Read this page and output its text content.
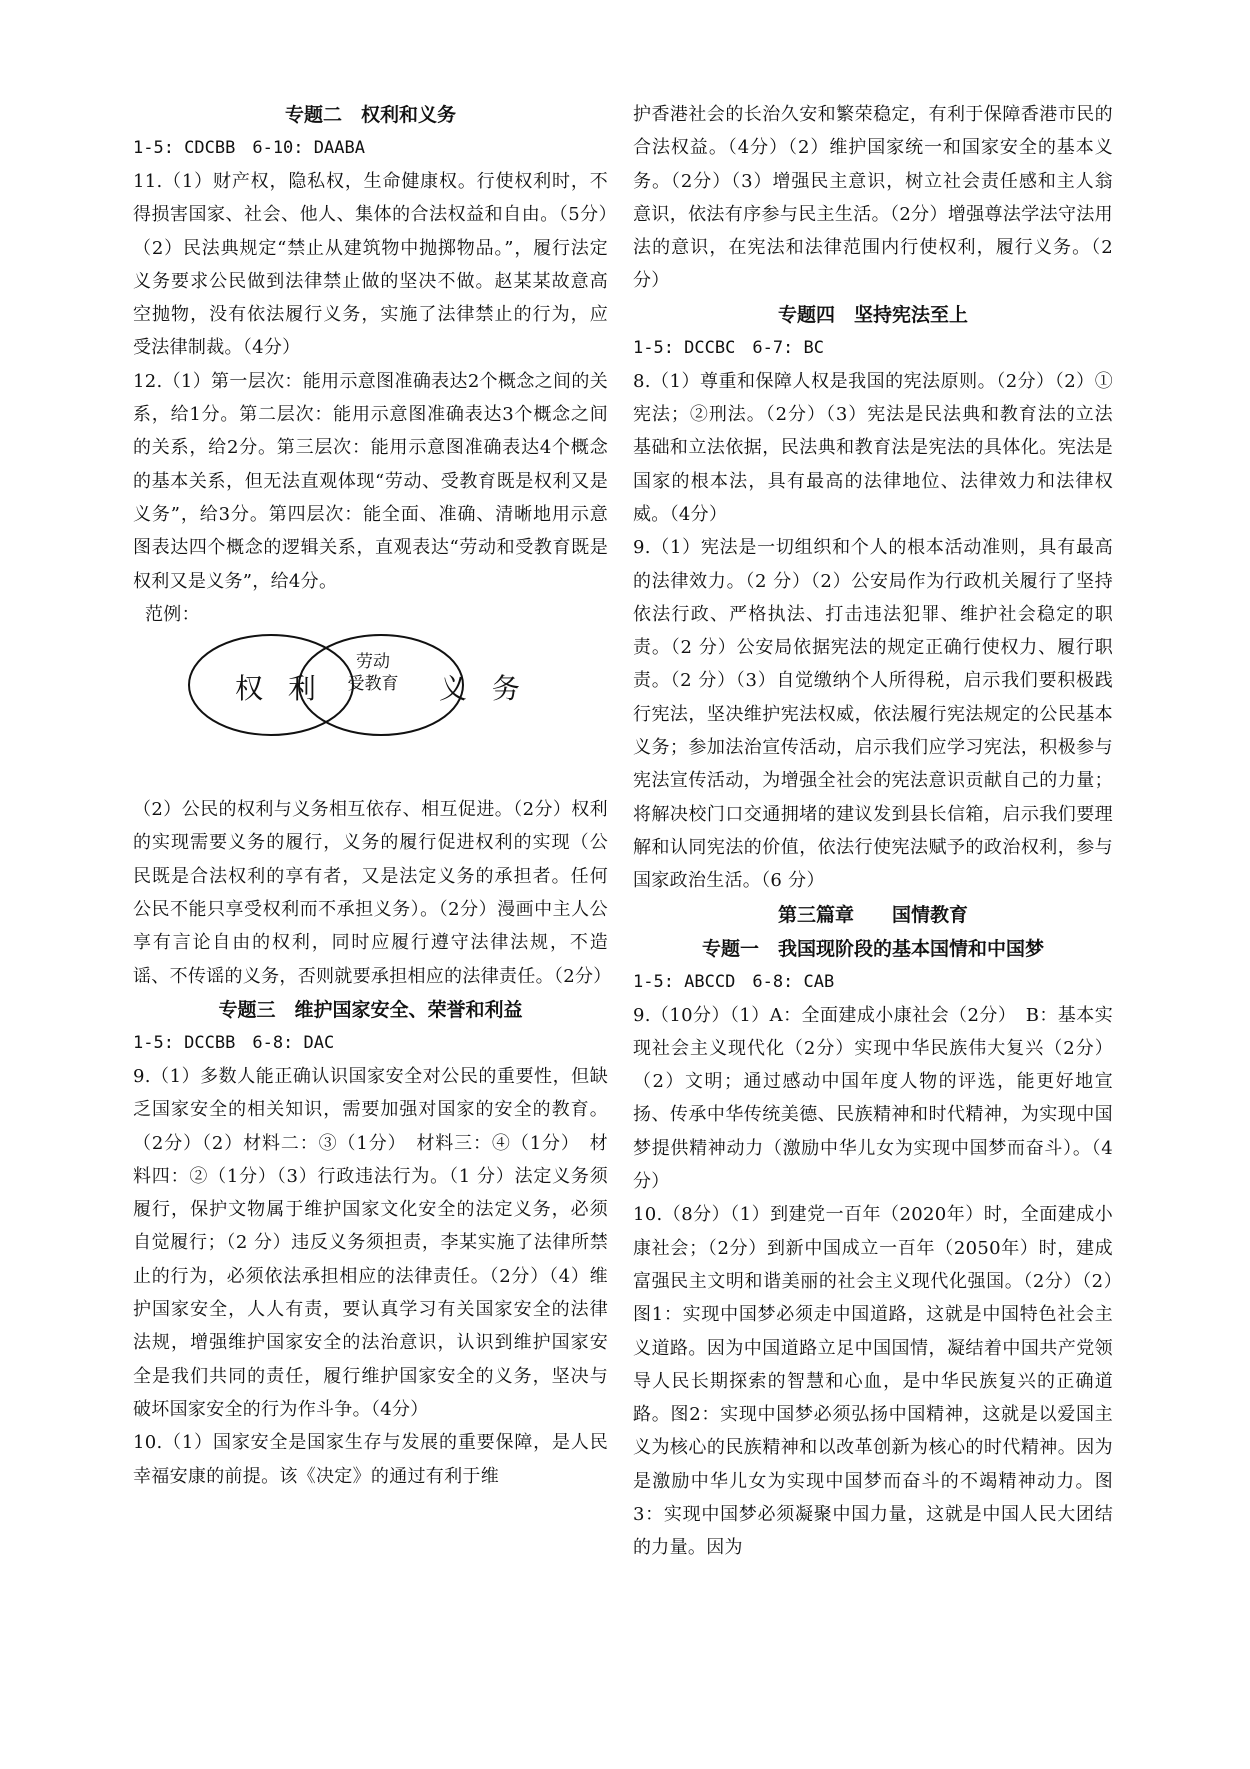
专题二　权利和义务

1-5: CDCBB　6-10: DAABA

11.（1）财产权，隐私权，生命健康权。行使权利时，不得损害国家、社会、他人、集体的合法权益和自由。（5分）（2）民法典规定“禁止从建筑物中抛掷物品。”，履行法定义务要求公民做到法律禁止做的坚决不做。赵某某故意高空抛物，没有依法履行义务，实施了法律禁止的行为，应受法律制裁。（4分）

12.（1）第一层次：能用示意图准确表达2个概念之间的关系，给1分。第二层次：能用示意图准确表达3个概念之间的关系，给2分。第三层次：能用示意图准确表达4个概念的基本关系，但无法直观体现“劳动、受教育既是权利又是义务”，给3分。第四层次：能全面、准确、清晰地用示意图表达四个概念的逻辑关系，直观表达“劳动和受教育既是权利又是义务”，给4分。

范例：

权 利
劳动
受教育	义 务

（2）公民的权利与义务相互依存、相互促进。（2分）权利的实现需要义务的履行，义务的履行促进权利的实现（公民既是合法权利的享有者，又是法定义务的承担者。任何公民不能只享受权利而不承担义务）。（2分）漫画中主人公享有言论自由的权利，同时应履行遵守法律法规，不造谣、不传谣的义务，否则就要承担相应的法律责任。（2分）

专题三　维护国家安全、荣誉和利益

1-5: DCCBB　6-8: DAC

9.（1）多数人能正确认识国家安全对公民的重要性，但缺乏国家安全的相关知识，需要加强对国家的安全的教育。（2分）（2）材料二：③（1分）　材料三：④（1分）　材料四：②（1分）（3）行政违法行为。（1 分）法定义务须履行，保护文物属于维护国家文化安全的法定义务，必须自觉履行；（2 分）违反义务须担责，李某实施了法律所禁止的行为，必须依法承担相应的法律责任。（2分）（4）维护国家安全，人人有责，要认真学习有关国家安全的法律法规，增强维护国家安全的法治意识，认识到维护国家安全是我们共同的责任，履行维护国家安全的义务，坚决与破坏国家安全的行为作斗争。（4分）

10.（1）国家安全是国家生存与发展的重要保障，是人民幸福安康的前提。该《决定》的通过有利于维

护香港社会的长治久安和繁荣稳定，有利于保障香港市民的合法权益。（4分）（2）维护国家统一和国家安全的基本义务。（2分）（3）增强民主意识，树立社会责任感和主人翁意识，依法有序参与民主生活。（2分）增强尊法学法守法用法的意识，在宪法和法律范围内行使权利，履行义务。（2分）

专题四　坚持宪法至上

1-5: DCCBC　6-7: BC

8.（1）尊重和保障人权是我国的宪法原则。（2分）（2）①宪法；②刑法。（2分）（3）宪法是民法典和教育法的立法基础和立法依据，民法典和教育法是宪法的具体化。宪法是国家的根本法，具有最高的法律地位、法律效力和法律权威。（4分）

9.（1）宪法是一切组织和个人的根本活动准则，具有最高的法律效力。（2 分）（2）公安局作为行政机关履行了坚持依法行政、严格执法、打击违法犯罪、维护社会稳定的职责。（2 分）公安局依据宪法的规定正确行使权力、履行职责。（2 分）（3）自觉缴纳个人所得税，启示我们要积极践行宪法，坚决维护宪法权威，依法履行宪法规定的公民基本义务；参加法治宣传活动，启示我们应学习宪法，积极参与宪法宣传活动，为增强全社会的宪法意识贡献自己的力量；将解决校门口交通拥堵的建议发到县长信箱，启示我们要理解和认同宪法的价值，依法行使宪法赋予的政治权利，参与国家政治生活。（6 分）

第三篇章　　国情教育

专题一　我国现阶段的基本国情和中国梦

1-5: ABCCD　6-8: CAB

9.（10分）（1）A：全面建成小康社会（2分）　B：基本实现社会主义现代化（2分）实现中华民族伟大复兴（2分）（2）文明；通过感动中国年度人物的评选，能更好地宣扬、传承中华传统美德、民族精神和时代精神，为实现中国梦提供精神动力（激励中华儿女为实现中国梦而奋斗）。（4分）

10.（8分）（1）到建党一百年（2020年）时，全面建成小康社会；（2分）到新中国成立一百年（2050年）时，建成富强民主文明和谐美丽的社会主义现代化强国。（2分）（2）图1：实现中国梦必须走中国道路，这就是中国特色社会主义道路。因为中国道路立足中国国情，凝结着中国共产党领导人民长期探索的智慧和心血，是中华民族复兴的正确道路。图2：实现中国梦必须弘扬中国精神，这就是以爱国主义为核心的民族精神和以改革创新为核心的时代精神。因为是激励中华儿女为实现中国梦而奋斗的不竭精神动力。图3：实现中国梦必须凝聚中国力量，这就是中国人民大团结的力量。因为
